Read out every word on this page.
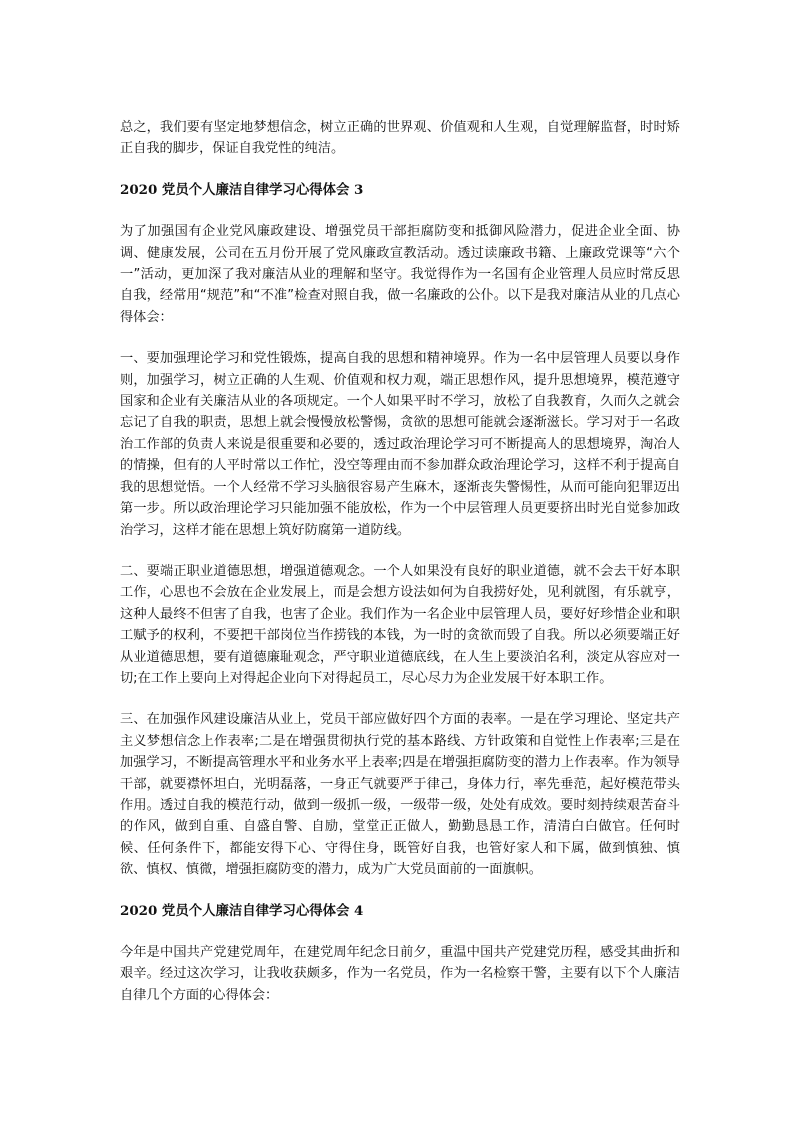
总之，我们要有坚定地梦想信念，树立正确的世界观、价值观和人生观，自觉理解监督，时时矫正自我的脚步，保证自我党性的纯洁。

2020 党员个人廉洁自律学习心得体会 3

为了加强国有企业党风廉政建设、增强党员干部拒腐防变和抵御风险潜力，促进企业全面、协调、健康发展，公司在五月份开展了党风廉政宣教活动。透过读廉政书籍、上廉政党课等“六个一”活动，更加深了我对廉洁从业的理解和坚守。我觉得作为一名国有企业管理人员应时常反思自我，经常用“规范”和“不准”检查对照自我，做一名廉政的公仆。以下是我对廉洁从业的几点心得体会：

一、要加强理论学习和党性锻炼，提高自我的思想和精神境界。作为一名中层管理人员要以身作则，加强学习，树立正确的人生观、价值观和权力观，端正思想作风，提升思想境界，模范遵守国家和企业有关廉洁从业的各项规定。一个人如果平时不学习，放松了自我教育，久而久之就会忘记了自我的职责，思想上就会慢慢放松警惕，贪欲的思想可能就会逐渐滋长。学习对于一名政治工作部的负责人来说是很重要和必要的，透过政治理论学习可不断提高人的思想境界，淘冶人的情操，但有的人平时常以工作忙，没空等理由而不参加群众政治理论学习，这样不利于提高自我的思想觉悟。一个人经常不学习头脑很容易产生麻木，逐渐丧失警惕性，从而可能向犯罪迈出第一步。所以政治理论学习只能加强不能放松，作为一个中层管理人员更要挤出时光自觉参加政治学习，这样才能在思想上筑好防腐第一道防线。

二、要端正职业道德思想，增强道德观念。一个人如果没有良好的职业道德，就不会去干好本职工作，心思也不会放在企业发展上，而是会想方设法如何为自我捞好处，见利就图，有乐就亨，这种人最终不但害了自我，也害了企业。我们作为一名企业中层管理人员，要好好珍惜企业和职工赋予的权利，不要把干部岗位当作捞钱的本钱，为一时的贪欲而毁了自我。所以必须要端正好从业道德思想，要有道德廉耻观念，严守职业道德底线，在人生上要淡泊名利，淡定从容应对一切;在工作上要向上对得起企业向下对得起员工，尽心尽力为企业发展干好本职工作。

三、在加强作风建设廉洁从业上，党员干部应做好四个方面的表率。一是在学习理论、坚定共产主义梦想信念上作表率;二是在增强贯彻执行党的基本路线、方针政策和自觉性上作表率;三是在加强学习，不断提高管理水平和业务水平上表率;四是在增强拒腐防变的潜力上作表率。作为领导干部，就要襟怀坦白，光明磊落，一身正气就要严于律己，身体力行，率先垂范，起好模范带头作用。透过自我的模范行动，做到一级抓一级，一级带一级，处处有成效。要时刻持续艰苦奋斗的作风，做到自重、自盛自警、自励，堂堂正正做人，勤勤恳恳工作，清清白白做官。任何时候、任何条件下，都能安得下心、守得住身，既管好自我，也管好家人和下属，做到慎独、慎欲、慎权、慎微，增强拒腐防变的潜力，成为广大党员面前的一面旗帜。

2020 党员个人廉洁自律学习心得体会 4

今年是中国共产党建党周年，在建党周年纪念日前夕，重温中国共产党建党历程，感受其曲折和艰辛。经过这次学习，让我收获颇多，作为一名党员，作为一名检察干警，主要有以下个人廉洁自律几个方面的心得体会：
